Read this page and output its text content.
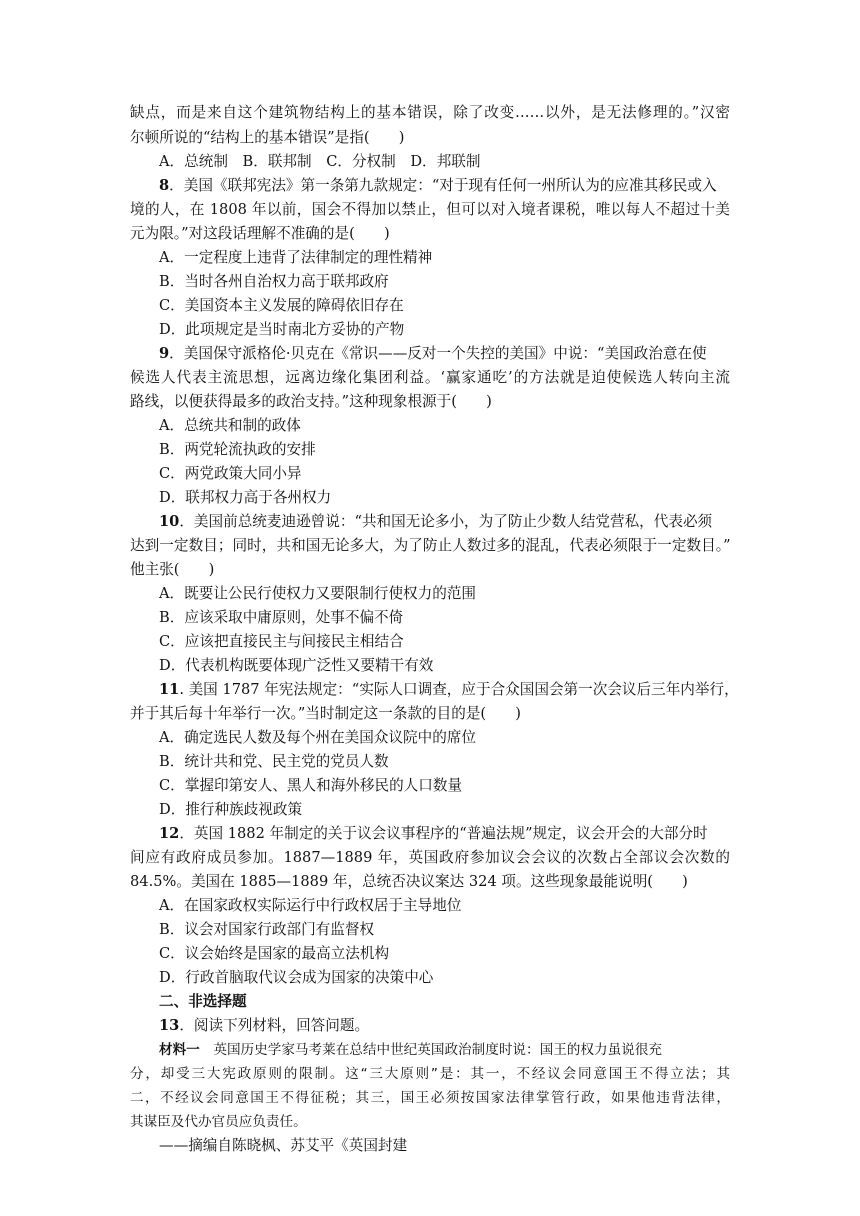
缺点，而是来自这个建筑物结构上的基本错误，除了改变……以外，是无法修理的。”汉密
尔顿所说的“结构上的基本错误”是指(　　)
A．总统制　B．联邦制　C．分权制　D．邦联制
8．美国《联邦宪法》第一条第九款规定：“对于现有任何一州所认为的应准其移民或入
境的人，在 1808 年以前，国会不得加以禁止，但可以对入境者课税，唯以每人不超过十美
元为限。”对这段话理解不准确的是(　　)
A．一定程度上违背了法律制定的理性精神
B．当时各州自治权力高于联邦政府
C．美国资本主义发展的障碍依旧存在
D．此项规定是当时南北方妥协的产物
9．美国保守派格伦·贝克在《常识——反对一个失控的美国》中说：“美国政治意在使
候选人代表主流思想，远离边缘化集团利益。‘赢家通吃’的方法就是迫使候选人转向主流
路线，以便获得最多的政治支持。”这种现象根源于(　　)
A．总统共和制的政体
B．两党轮流执政的安排
C．两党政策大同小异
D．联邦权力高于各州权力
10．美国前总统麦迪逊曾说：“共和国无论多小，为了防止少数人结党营私，代表必须
达到一定数目；同时，共和国无论多大，为了防止人数过多的混乱，代表必须限于一定数目。”
他主张(　　)
A．既要让公民行使权力又要限制行使权力的范围
B．应该采取中庸原则，处事不偏不倚
C．应该把直接民主与间接民主相结合
D．代表机构既要体现广泛性又要精干有效
11. 美国 1787 年宪法规定：“实际人口调查，应于合众国国会第一次会议后三年内举行，
并于其后每十年举行一次。”当时制定这一条款的目的是(　　)
A．确定选民人数及每个州在美国众议院中的席位
B．统计共和党、民主党的党员人数
C．掌握印第安人、黑人和海外移民的人口数量
D．推行种族歧视政策
12．英国 1882 年制定的关于议会议事程序的“普遍法规”规定，议会开会的大部分时
间应有政府成员参加。1887—1889 年，英国政府参加议会会议的次数占全部议会次数的
84.5%。美国在 1885—1889 年，总统否决议案达 324 项。这些现象最能说明(　　)
A．在国家政权实际运行中行政权居于主导地位
B．议会对国家行政部门有监督权
C．议会始终是国家的最高立法机构
D．行政首脑取代议会成为国家的决策中心
二、非选择题
13．阅读下列材料，回答问题。
材料一　英国历史学家马考莱在总结中世纪英国政治制度时说：国王的权力虽说很充
分，却受三大宪政原则的限制。这“三大原则”是：其一，不经议会同意国王不得立法；其
二，不经议会同意国王不得征税；其三，国王必须按国家法律掌管行政，如果他违背法律，
其谋臣及代办官员应负责任。
——摘编自陈晓枫、苏艾平《英国封建
